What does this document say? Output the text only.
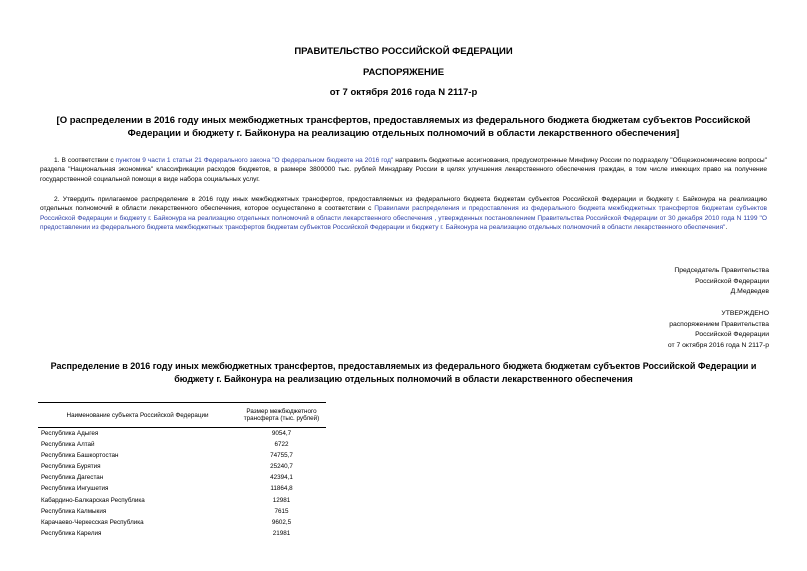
ПРАВИТЕЛЬСТВО РОССИЙСКОЙ ФЕДЕРАЦИИ
РАСПОРЯЖЕНИЕ
от 7 октября 2016 года N 2117-р
[О распределении в 2016 году иных межбюджетных трансфертов, предоставляемых из федерального бюджета бюджетам субъектов Российской Федерации и бюджету г. Байконура на реализацию отдельных полномочий в области лекарственного обеспечения]
1. В соответствии с пунктом 9 части 1 статьи 21 Федерального закона "О федеральном бюджете на 2016 год" направить бюджетные ассигнования, предусмотренные Минфину России по подразделу "Общеэкономические вопросы" раздела "Национальная экономика" классификации расходов бюджетов, в размере 3800000 тыс. рублей Минздраву России в целях улучшения лекарственного обеспечения граждан, в том числе имеющих право на получение государственной социальной помощи в виде набора социальных услуг.
2. Утвердить прилагаемое распределение в 2016 году иных межбюджетных трансфертов, предоставляемых из федерального бюджета бюджетам субъектов Российской Федерации и бюджету г. Байконура на реализацию отдельных полномочий в области лекарственного обеспечения, которое осуществлено в соответствии с Правилами распределения и предоставления из федерального бюджета межбюджетных трансфертов бюджетам субъектов Российской Федерации и бюджету г. Байконура на реализацию отдельных полномочий в области лекарственного обеспечения , утвержденных постановлением Правительства Российской Федерации от 30 декабря 2010 года N 1199 "О предоставлении из федерального бюджета межбюджетных трансфертов бюджетам субъектов Российской Федерации и бюджету г. Байконура на реализацию отдельных полномочий в области лекарственного обеспечения".
Председатель Правительства
Российской Федерации
Д.Медведев
УТВЕРЖДЕНО
распоряжением Правительства
Российской Федерации
от 7 октября 2016 года N 2117-р
Распределение в 2016 году иных межбюджетных трансфертов, предоставляемых из федерального бюджета бюджетам субъектов Российской Федерации и бюджету г. Байконура на реализацию отдельных полномочий в области лекарственного обеспечения
Наименование субъекта Российской Федерации	Размер межбюджетного трансферта (тыс. рублей)
Республика Адыгея	9054,7
Республика Алтай	6722
Республика Башкортостан	74755,7
Республика Бурятия	25240,7
Республика Дагестан	42394,1
Республика Ингушетия	11864,8
Кабардино-Балкарская Республика	12981
Республика Калмыкия	7615
Карачаево-Черкесская Республика	9602,5
Республика Карелия	21981
